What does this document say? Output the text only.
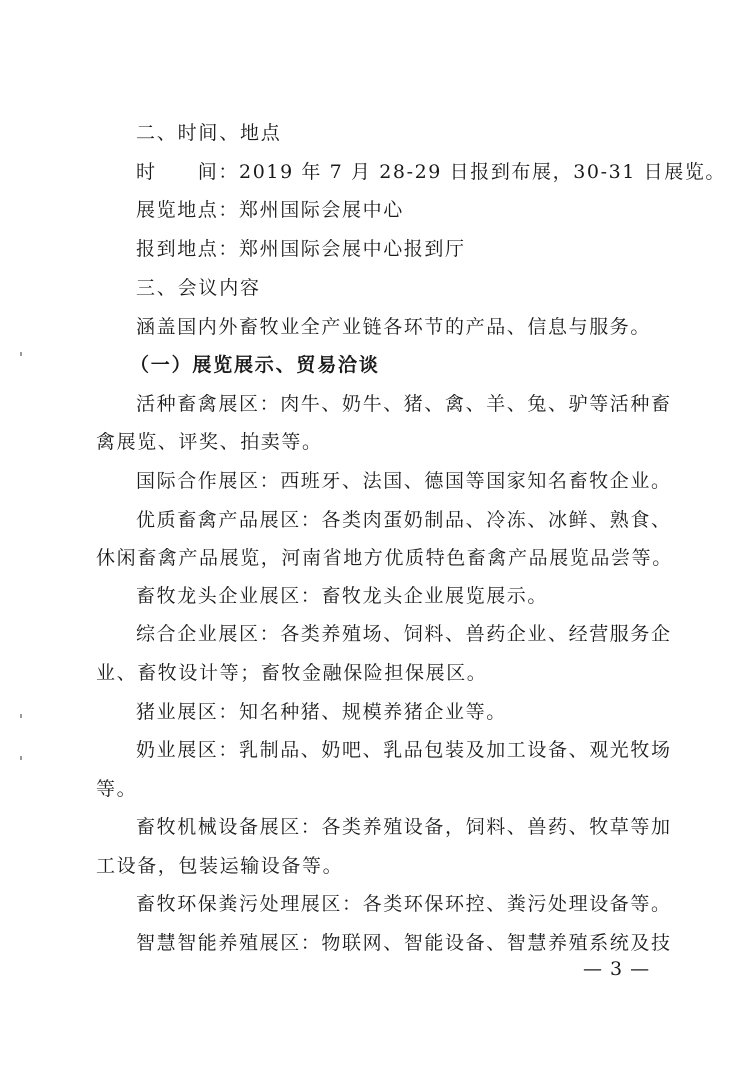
二、时间、地点
时　　间：2019 年 7 月 28-29 日报到布展，30-31 日展览。
展览地点：郑州国际会展中心
报到地点：郑州国际会展中心报到厅
三、会议内容
涵盖国内外畜牧业全产业链各环节的产品、信息与服务。
（一）展览展示、贸易洽谈
活种畜禽展区：肉牛、奶牛、猪、禽、羊、兔、驴等活种畜
禽展览、评奖、拍卖等。
国际合作展区：西班牙、法国、德国等国家知名畜牧企业。
优质畜禽产品展区：各类肉蛋奶制品、冷冻、冰鲜、熟食、
休闲畜禽产品展览，河南省地方优质特色畜禽产品展览品尝等。
畜牧龙头企业展区：畜牧龙头企业展览展示。
综合企业展区：各类养殖场、饲料、兽药企业、经营服务企
业、畜牧设计等；畜牧金融保险担保展区。
猪业展区：知名种猪、规模养猪企业等。
奶业展区：乳制品、奶吧、乳品包装及加工设备、观光牧场
等。
畜牧机械设备展区：各类养殖设备，饲料、兽药、牧草等加
工设备，包装运输设备等。
畜牧环保粪污处理展区：各类环保环控、粪污处理设备等。
智慧智能养殖展区：物联网、智能设备、智慧养殖系统及技
— 3 —
